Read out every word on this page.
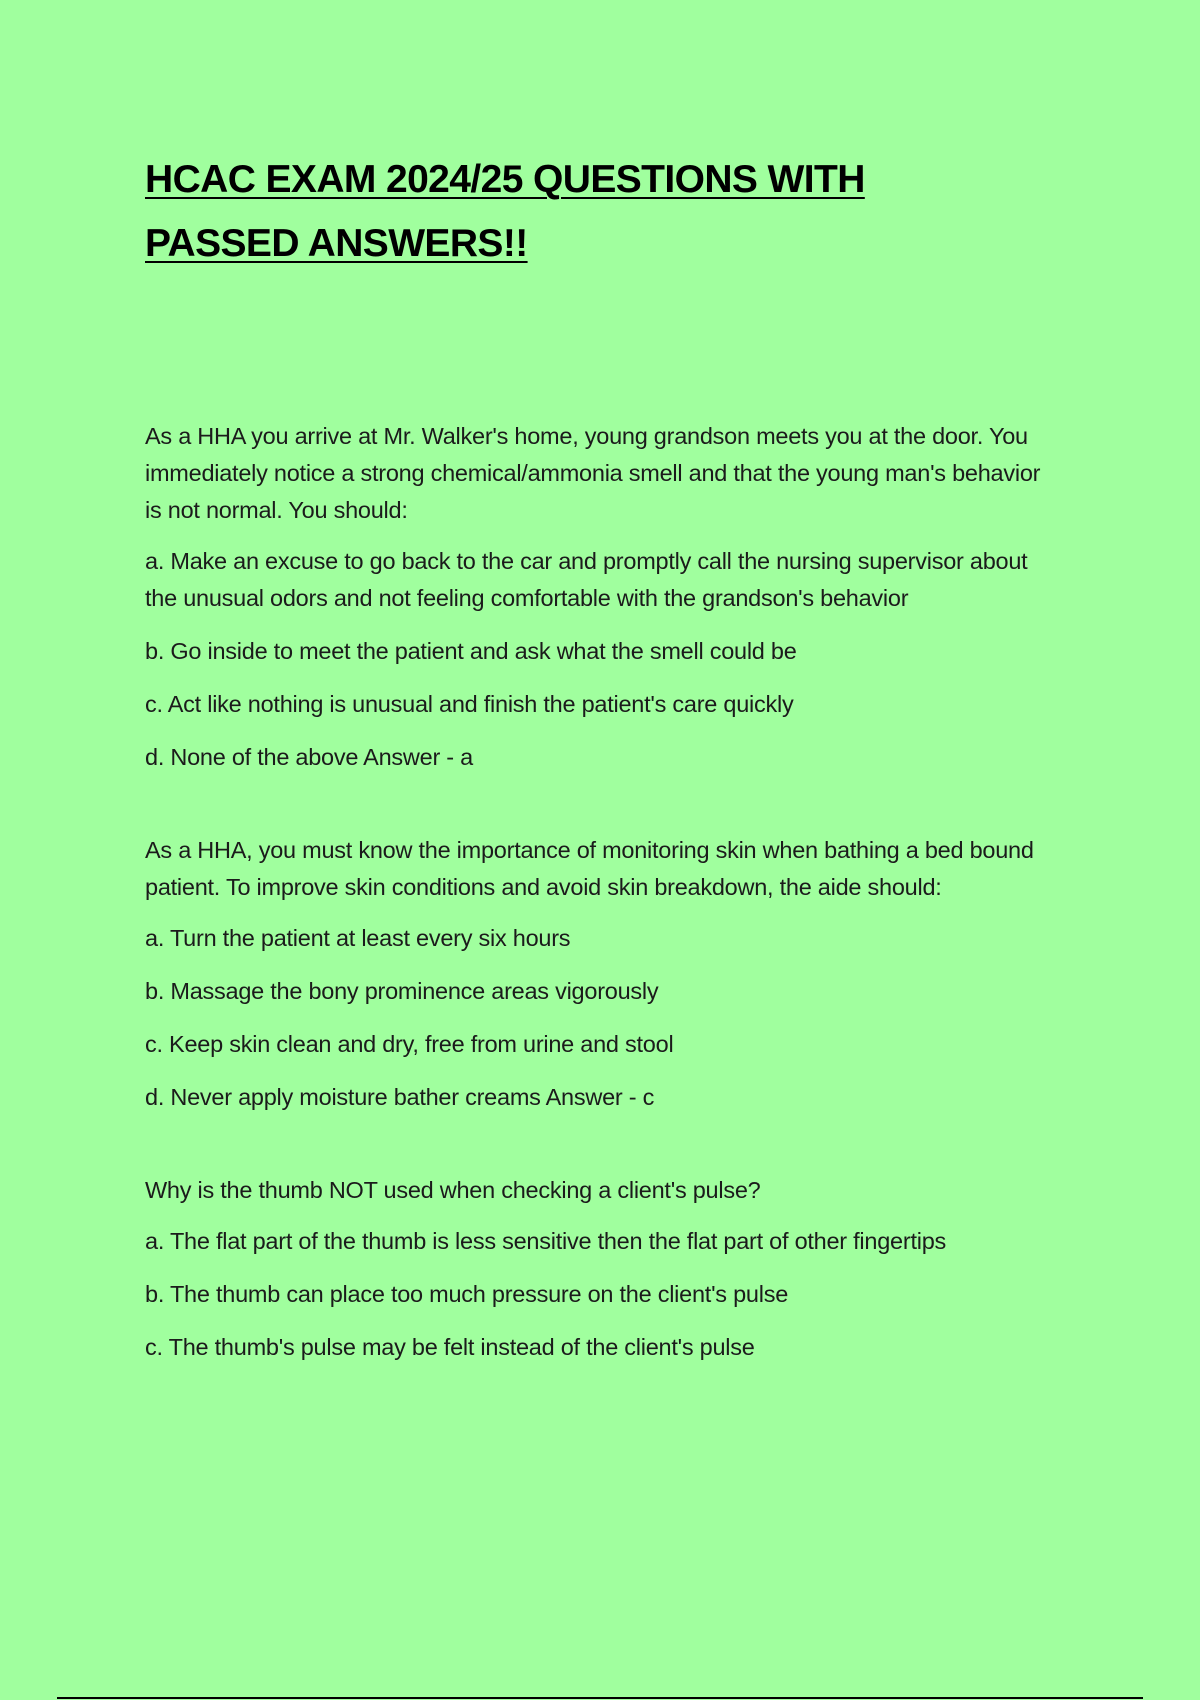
HCAC EXAM 2024/25 QUESTIONS WITH PASSED ANSWERS!!

As a HHA you arrive at Mr. Walker's home, young grandson meets you at the door. You immediately notice a strong chemical/ammonia smell and that the young man's behavior is not normal. You should:

a. Make an excuse to go back to the car and promptly call the nursing supervisor about the unusual odors and not feeling comfortable with the grandson's behavior

b. Go inside to meet the patient and ask what the smell could be

c. Act like nothing is unusual and finish the patient's care quickly

d. None of the above Answer - a

As a HHA, you must know the importance of monitoring skin when bathing a bed bound patient. To improve skin conditions and avoid skin breakdown, the aide should:

a. Turn the patient at least every six hours

b. Massage the bony prominence areas vigorously

c. Keep skin clean and dry, free from urine and stool

d. Never apply moisture bather creams Answer - c

Why is the thumb NOT used when checking a client's pulse?

a. The flat part of the thumb is less sensitive then the flat part of other fingertips

b. The thumb can place too much pressure on the client's pulse

c. The thumb's pulse may be felt instead of the client's pulse
